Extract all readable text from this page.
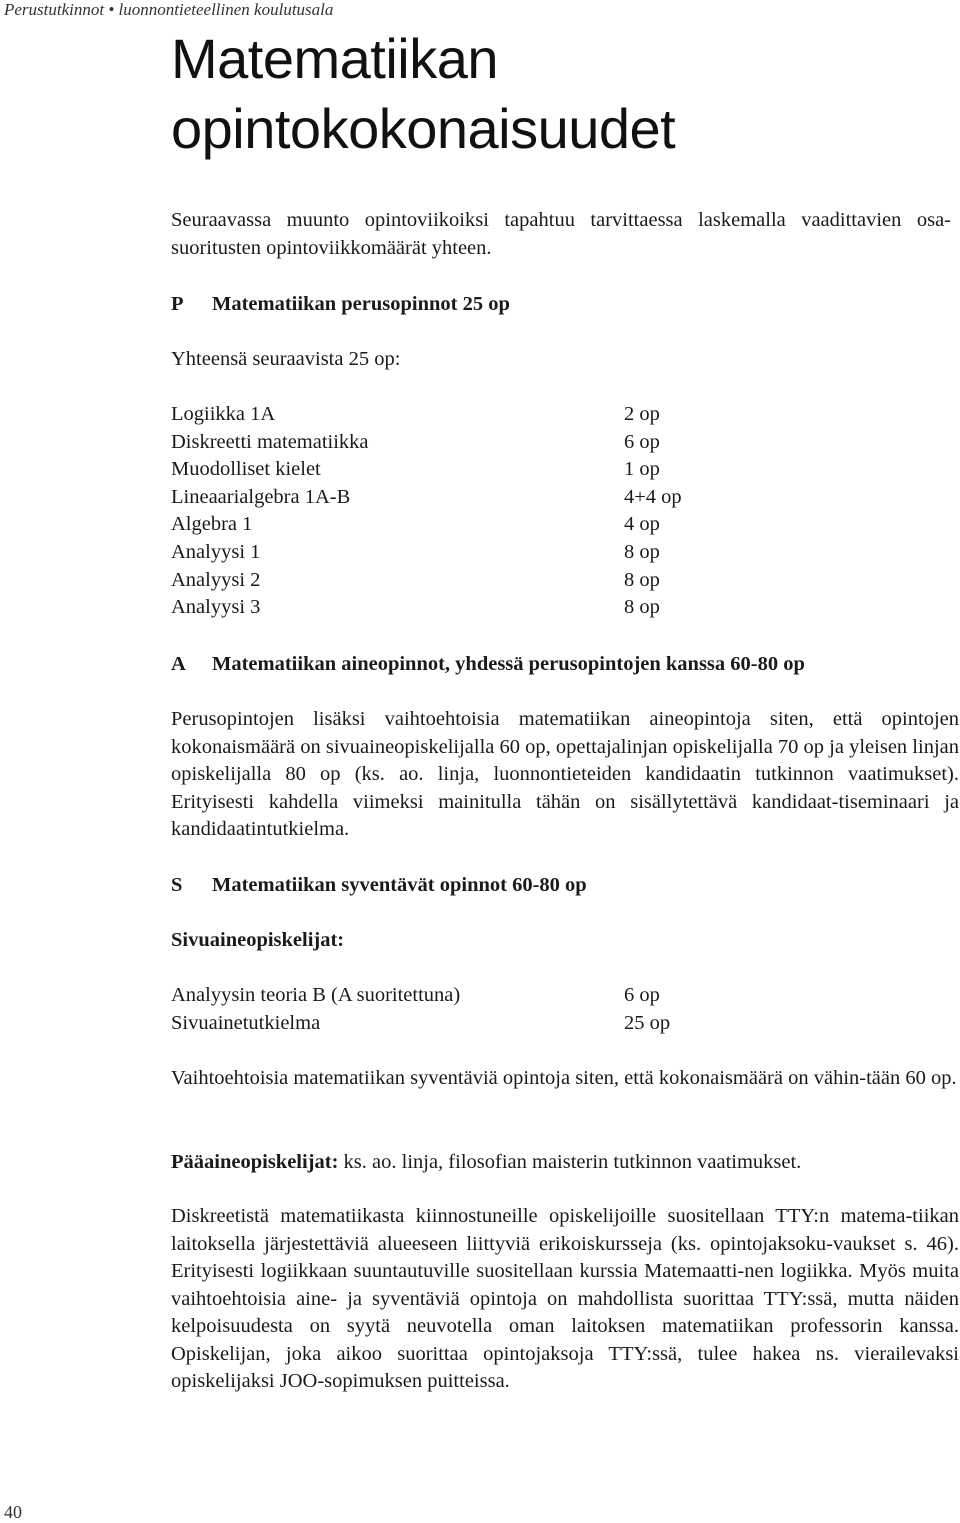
Perustutkinnot • luonnontieteellinen koulutusala
Matematiikan
opintokokonaisuudet
Seuraavassa muunto opintoviikoiksi tapahtuu tarvittaessa laskemalla vaadittavien osa-suoritusten opintoviikkomäärät yhteen.
P Matematiikan perusopinnot 25 op
Yhteensä seuraavista 25 op:
Logiikka 1A	2 op
Diskreetti matematiikka	6 op
Muodolliset kielet	1 op
Lineaarialgebra 1A-B	4+4 op
Algebra 1	4 op
Analyysi 1	8 op
Analyysi 2	8 op
Analyysi 3	8 op
A Matematiikan aineopinnot, yhdessä perusopintojen kanssa 60-80 op
Perusopintojen lisäksi vaihtoehtoisia matematiikan aineopintoja siten, että opintojen kokonaismäärä on sivuaineopiskelijalla 60 op, opettajalinjan opiskelijalla 70 op ja yleisen linjan opiskelijalla 80 op (ks. ao. linja, luonnontieteiden kandidaatin tutkinnon vaatimukset). Erityisesti kahdella viimeksi mainitulla tähän on sisällytettävä kandidaat-tiseminaari ja kandidaatintutkielma.
S Matematiikan syventävät opinnot 60-80 op
Sivuaineopiskelijat:
Analyysin teoria B (A suoritettuna)	6 op
Sivuainetutkielma	25 op
Vaihtoehtoisia matematiikan syventäviä opintoja siten, että kokonaismäärä on vähin-tään 60 op.
Pääaineopiskelijat: ks. ao. linja, filosofian maisterin tutkinnon vaatimukset.
Diskreetistä matematiikasta kiinnostuneille opiskelijoille suositellaan TTY:n matema-tiikan laitoksella järjestettäviä alueeseen liittyviä erikoiskursseja (ks. opintojaksoku-vaukset s. 46). Erityisesti logiikkaan suuntautuville suositellaan kurssia Matemaatti-nen logiikka. Myös muita vaihtoehtoisia aine- ja syventäviä opintoja on mahdollista suorittaa TTY:ssä, mutta näiden kelpoisuudesta on syytä neuvotella oman laitoksen matematiikan professorin kanssa. Opiskelijan, joka aikoo suorittaa opintojaksoja TTY:ssä, tulee hakea ns. vierailevaksi opiskelijaksi JOO-sopimuksen puitteissa.
40
